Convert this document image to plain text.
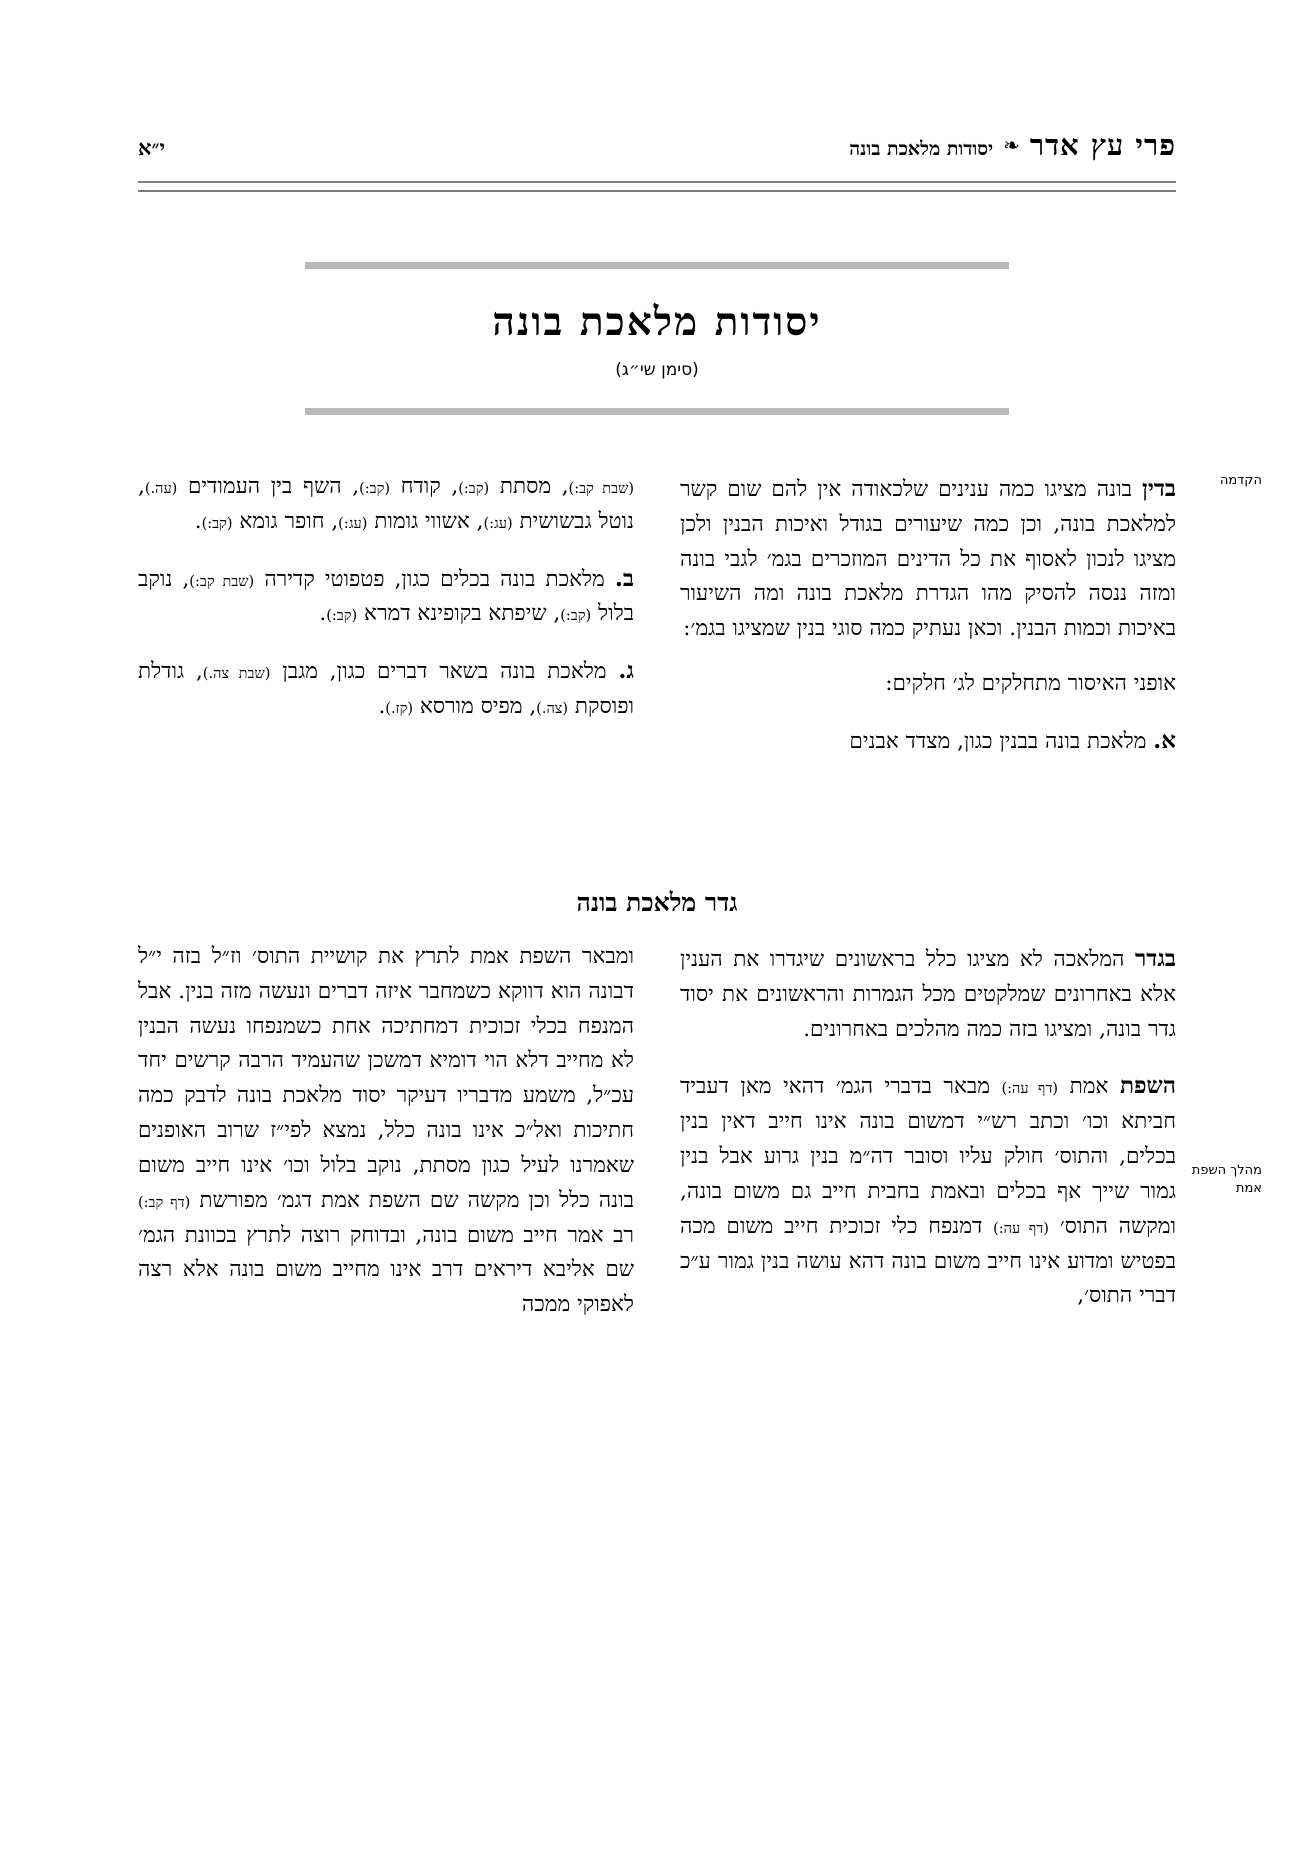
פרי עץ אדר
❧
יסודות מלאכת בונה
י״א
יסודות מלאכת בונה
(סימן שי״ג)
הקדמה

בדין בונה מציגו כמה ענינים שלכאודה אין להם שום קשר למלאכת בונה, וכן כמה שיעורים בגודל ואיכות הבנין ולכן מציגו לנכון לאסוף את כל הדינים המוזכרים בגמ׳ לגבי בונה ומזה ננסה להסיק מהו הגדרת מלאכת בונה ומה השיעור באיכות וכמות הבנין. וכאן נעתיק כמה סוגי בנין שמציגו בגמ׳:

אופני האיסור מתחלקים לג׳ חלקים:

א. מלאכת בונה בבנין כגון, מצדד אבנים

(שבת קב:), מסתת (קב:), קודח (קב:), השף בין העמודים (עה.), נוטל גבשושית (עג:), אשווי גומות (עג:), חופר גומא (קב:).

ב. מלאכת בונה בכלים כגון, פטפוטי קדירה (שבת קב:), נוקב בלול (קב:), שיפתא בקופינא דמרא (קב:).

ג. מלאכת בונה בשאר דברים כגון, מגבן (שבת צה.), גודלת ופוסקת (צה.), מפיס מורסא (קז.).

גדר מלאכת בונה
מהלך השפת אמת

בגדר המלאכה לא מציגו כלל בראשונים שיגדרו את הענין אלא באחרונים שמלקטים מכל הגמרות והראשונים את יסוד גדר בונה, ומציגו בזה כמה מהלכים באחרונים.

השפת אמת (דף עה:) מבאר בדברי הגמ׳ דהאי מאן דעביד חביתא וכו׳ וכתב רש״י דמשום בונה אינו חייב דאין בנין בכלים, והתוס׳ חולק עליו וסובר דה״מ בנין גרוע אבל בנין גמור שייך אף בכלים ובאמת בחבית חייב גם משום בונה, ומקשה התוס׳ (דף עה:) דמנפח כלי זכוכית חייב משום מכה בפטיש ומדוע אינו חייב משום בונה דהא עושה בנין גמור ע״כ דברי התוס׳,

ומבאר השפת אמת לתרץ את קושיית התוס׳ וז״ל בזה י״ל דבונה הוא דווקא כשמחבר איזה דברים ונעשה מזה בנין. אבל המנפח בכלי זכוכית דמחתיכה אחת כשמנפחו נעשה הבנין לא מחייב דלא הוי דומיא דמשכן שהעמיד הרבה קרשים יחד עכ״ל, משמע מדבריו דעיקר יסוד מלאכת בונה לדבק כמה חתיכות ואל״כ אינו בונה כלל, נמצא לפי״ז שרוב האופנים שאמרנו לעיל כגון מסתת, נוקב בלול וכו׳ אינו חייב משום בונה כלל וכן מקשה שם השפת אמת דגמ׳ מפורשת (דף קב:) רב אמר חייב משום בונה, ובדוחק רוצה לתרץ בכוונת הגמ׳ שם אליבא דיראים דרב אינו מחייב משום בונה אלא רצה לאפוקי ממכה
